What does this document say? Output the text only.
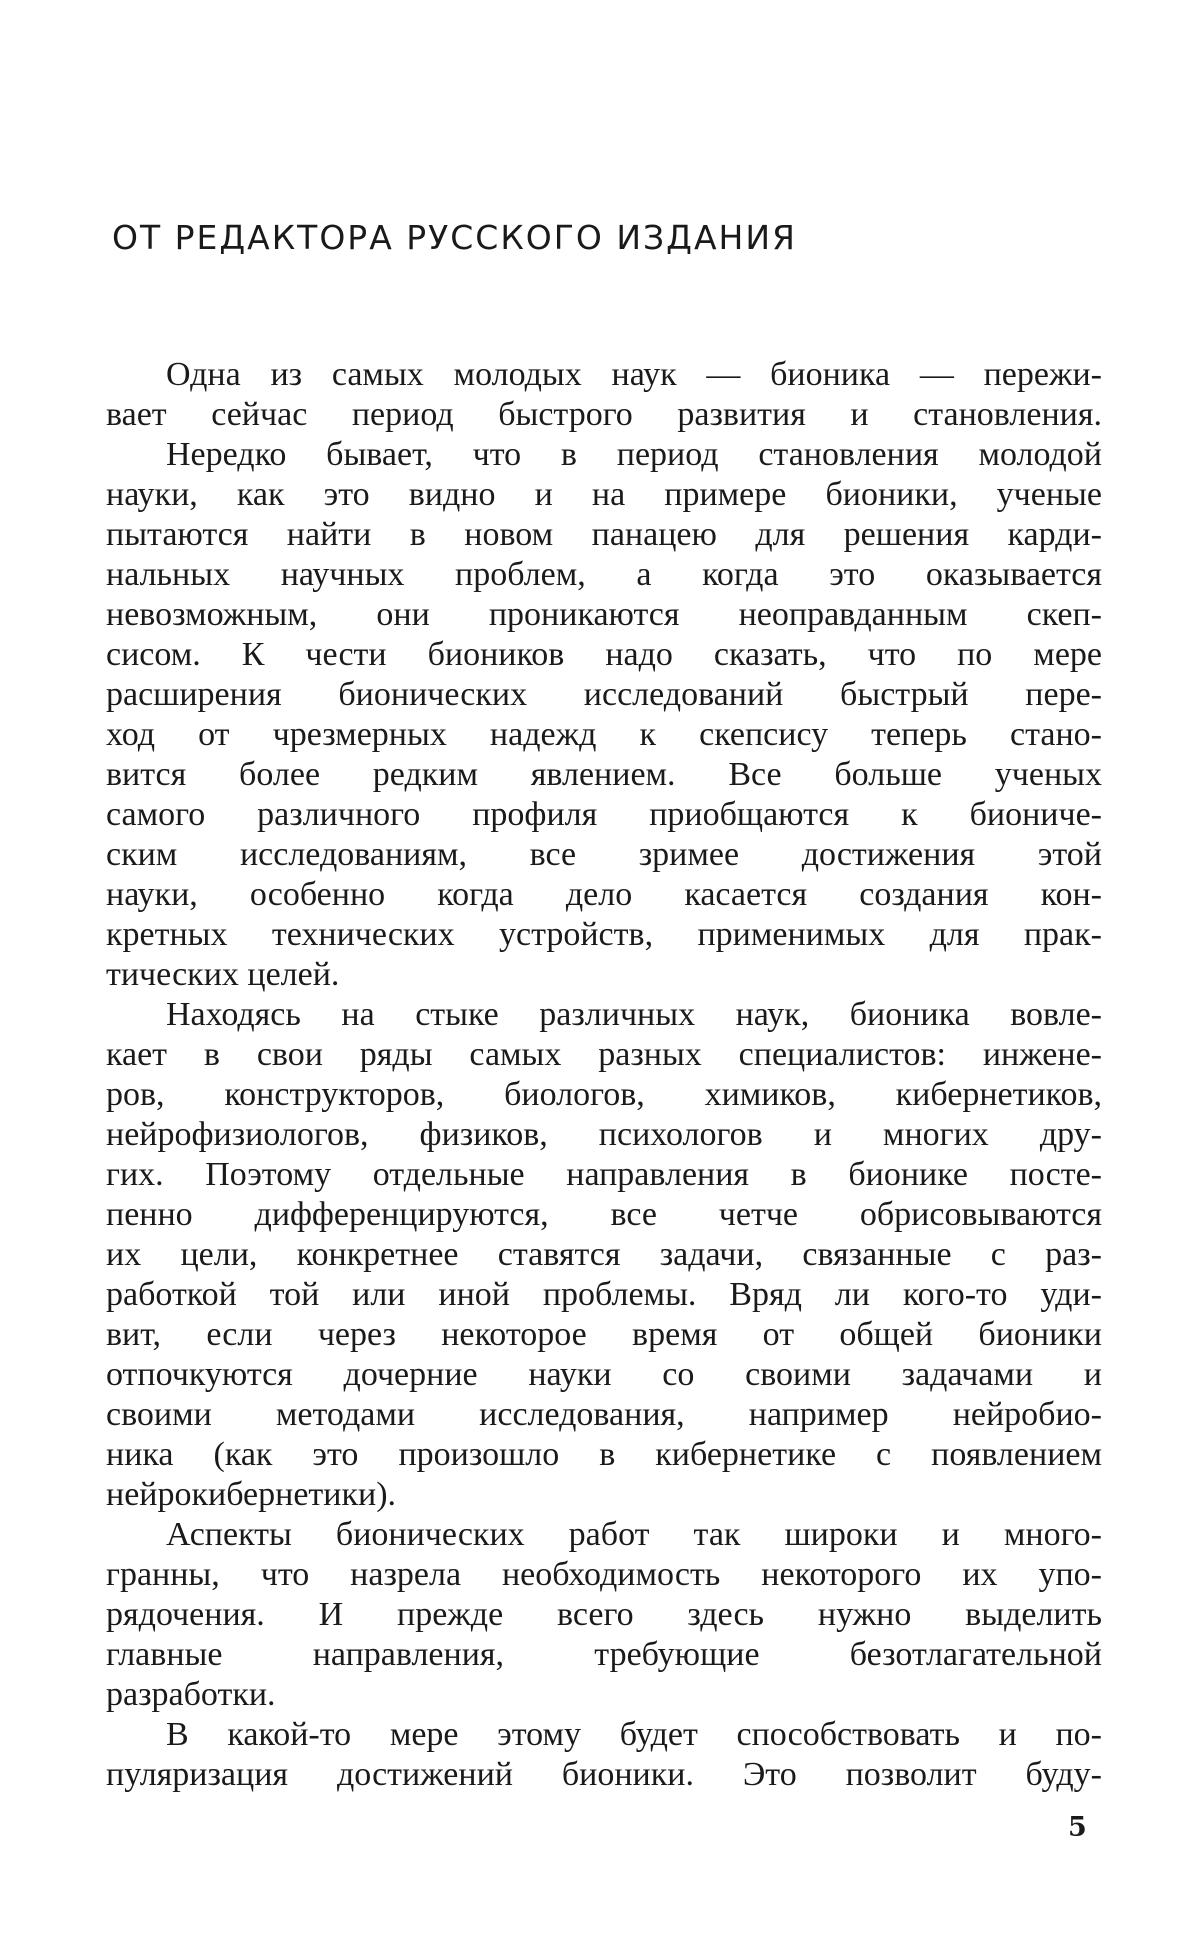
ОТ РЕДАКТОРА РУССКОГО ИЗДАНИЯ

Одна из самых молодых наук — бионика — пережи-
вает сейчас период быстрого развития и становления.

Нередко бывает, что в период становления молодой
науки, как это видно и на примере бионики, ученые
пытаются найти в новом панацею для решения карди-
нальных научных проблем, а когда это оказывается
невозможным, они проникаются неоправданным скеп-
сисом. К чести биоников надо сказать, что по мере
расширения бионических исследований быстрый пере-
ход от чрезмерных надежд к скепсису теперь стано-
вится более редким явлением. Все больше ученых
самого различного профиля приобщаются к биониче-
ским исследованиям, все зримее достижения этой
науки, особенно когда дело касается создания кон-
кретных технических устройств, применимых для прак-
тических целей.

Находясь на стыке различных наук, бионика вовле-
кает в свои ряды самых разных специалистов: инжене-
ров, конструкторов, биологов, химиков, кибернетиков,
нейрофизиологов, физиков, психологов и многих дру-
гих. Поэтому отдельные направления в бионике посте-
пенно дифференцируются, все четче обрисовываются
их цели, конкретнее ставятся задачи, связанные с раз-
работкой той или иной проблемы. Вряд ли кого-то уди-
вит, если через некоторое время от общей бионики
отпочкуются дочерние науки со своими задачами и
своими методами исследования, например нейробио-
ника (как это произошло в кибернетике с появлением
нейрокибернетики).

Аспекты бионических работ так широки и много-
гранны, что назрела необходимость некоторого их упо-
рядочения. И прежде всего здесь нужно выделить
главные направления, требующие безотлагательной
разработки.

В какой-то мере этому будет способствовать и по-
пуляризация достижений бионики. Это позволит буду-

5
